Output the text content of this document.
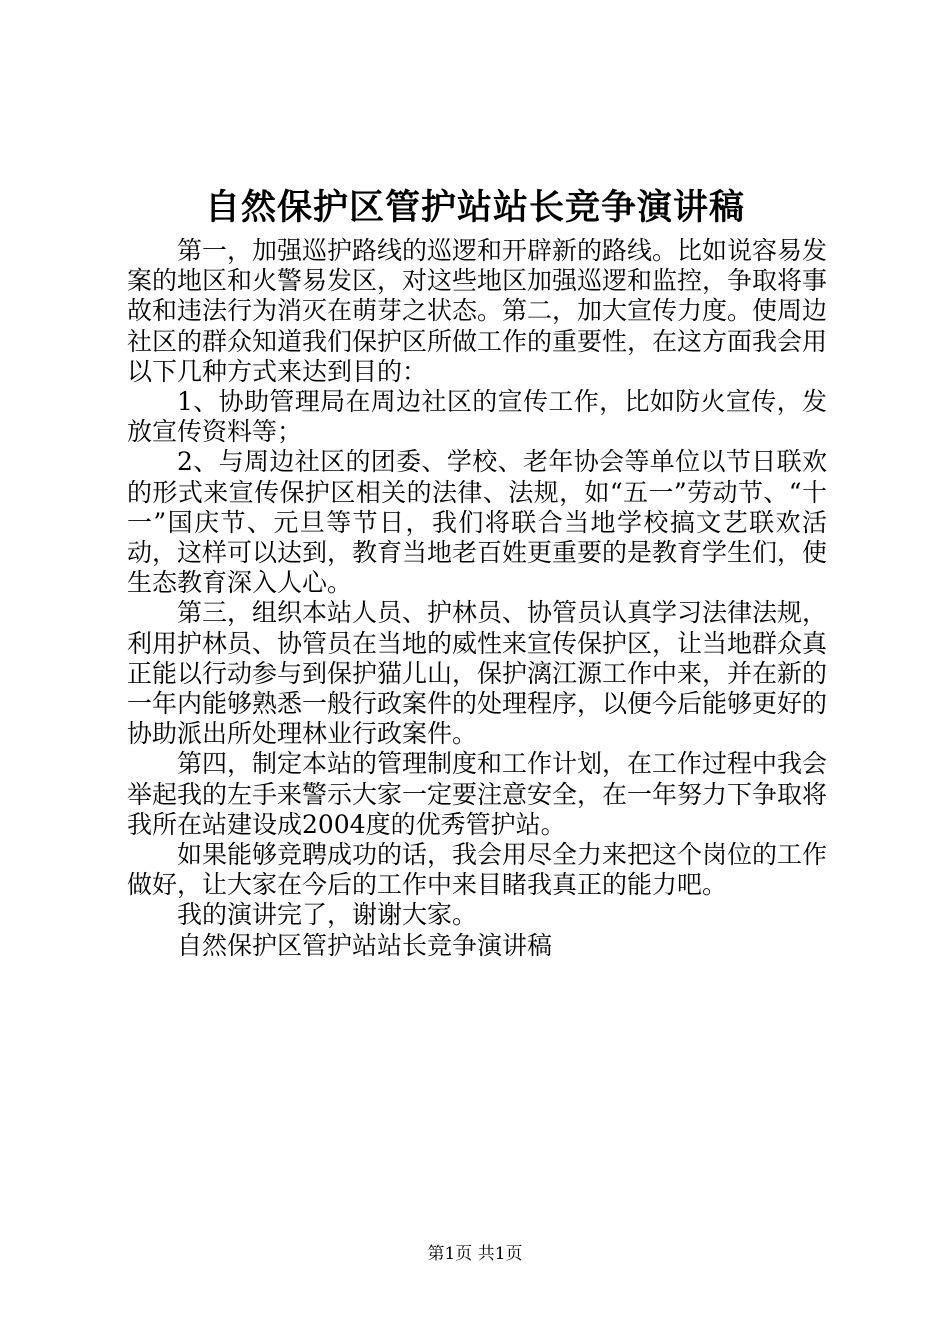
自然保护区管护站站长竞争演讲稿

第一，加强巡护路线的巡逻和开辟新的路线。比如说容易发案的地区和火警易发区，对这些地区加强巡逻和监控，争取将事故和违法行为消灭在萌芽之状态。第二，加大宣传力度。使周边社区的群众知道我们保护区所做工作的重要性，在这方面我会用以下几种方式来达到目的：

1、协助管理局在周边社区的宣传工作，比如防火宣传，发放宣传资料等；

2、与周边社区的团委、学校、老年协会等单位以节日联欢的形式来宣传保护区相关的法律、法规，如“五一”劳动节、“十一”国庆节、元旦等节日，我们将联合当地学校搞文艺联欢活动，这样可以达到，教育当地老百姓更重要的是教育学生们，使生态教育深入人心。

第三，组织本站人员、护林员、协管员认真学习法律法规，利用护林员、协管员在当地的威性来宣传保护区，让当地群众真正能以行动参与到保护猫儿山，保护漓江源工作中来，并在新的一年内能够熟悉一般行政案件的处理程序，以便今后能够更好的协助派出所处理林业行政案件。

第四，制定本站的管理制度和工作计划，在工作过程中我会举起我的左手来警示大家一定要注意安全，在一年努力下争取将我所在站建设成2004度的优秀管护站。

如果能够竞聘成功的话，我会用尽全力来把这个岗位的工作做好，让大家在今后的工作中来目睹我真正的能力吧。

我的演讲完了，谢谢大家。

自然保护区管护站站长竞争演讲稿

第1页 共1页
